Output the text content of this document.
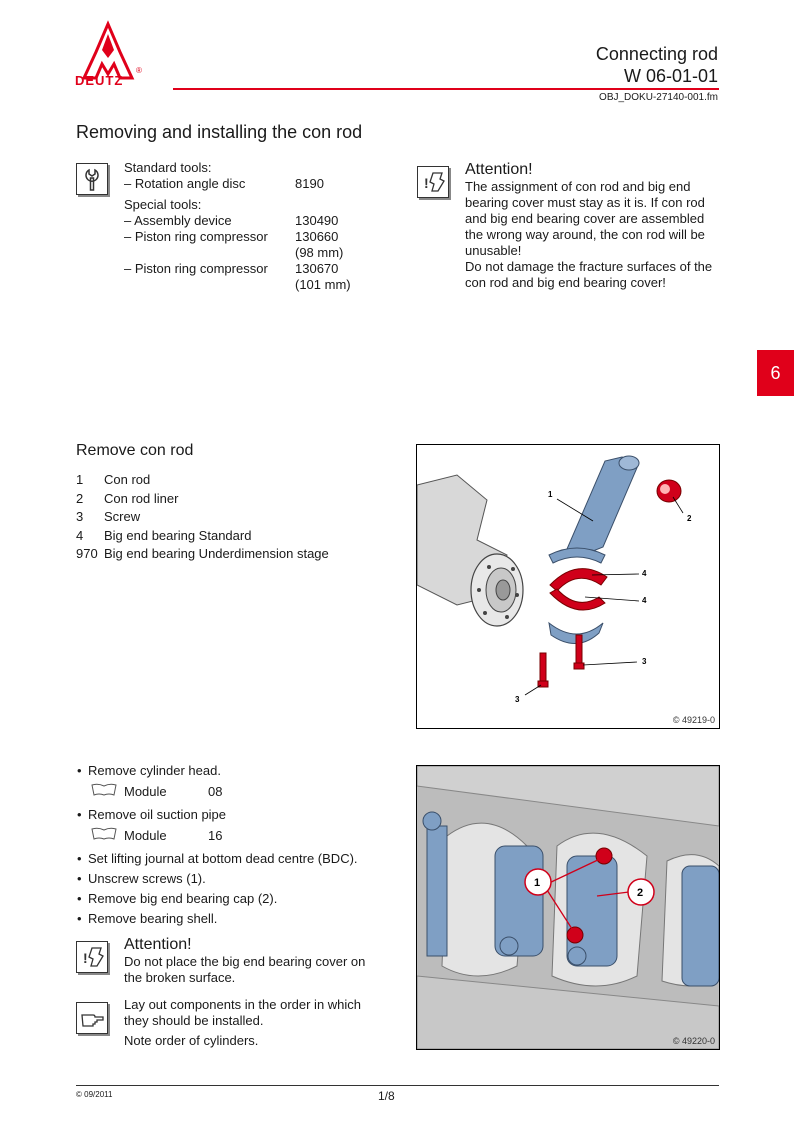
DEUTZ
®
Connecting rod
W 06-01-01
OBJ_DOKU-27140-001.fm
Removing and installing the con rod
Standard tools:
– Rotation angle disc	8190
Special tools:
– Assembly device	130490
– Piston ring compressor	130660
(98 mm)
– Piston ring compressor	130670
(101 mm)
!
Attention!
The assignment of con rod and big end bearing cover must stay as it is. If con rod and big end bearing cover are assembled the wrong way around, the con rod will be unusable!
Do not damage the fracture surfaces of the con rod and big end bearing cover!
6
Remove con rod
1	Con rod
2	Con rod liner
3	Screw
4	Big end bearing Standard
970 Big end bearing Underdimension stage
1
2
4
4
3
3
© 49219-0
• Remove cylinder head.
Module	08
• Remove oil suction pipe
Module	16
• Set lifting journal at bottom dead centre (BDC).
• Unscrew screws (1).
• Remove big end bearing cap (2).
• Remove bearing shell.
!
Attention!
Do not place the big end bearing cover on the broken surface.
Lay out components in the order in which they should be installed.
Note order of cylinders.
1
2
© 49220-0
© 09/2011	1/8
